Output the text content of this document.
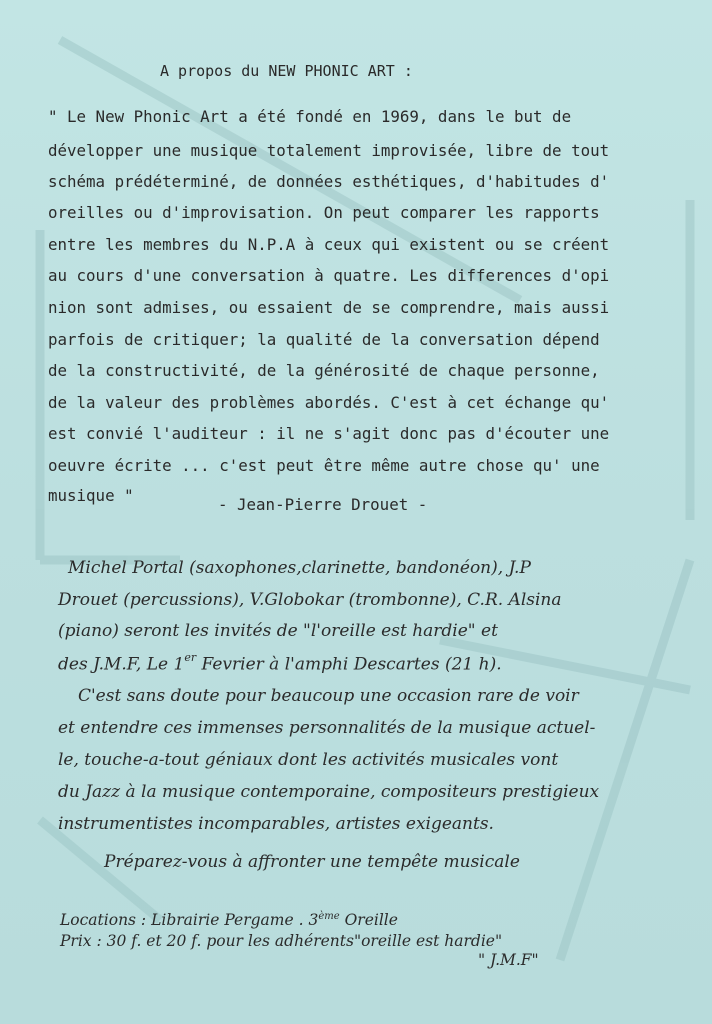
A propos du NEW PHONIC ART :

" Le New Phonic Art a été fondé en 1969, dans le but de
développer une musique totalement improvisée, libre de tout
schéma prédéterminé, de données esthétiques, d'habitudes d'
oreilles ou d'improvisation. On peut comparer les rapports
entre les membres du N.P.A à ceux qui existent ou se créent
au cours d'une conversation à quatre. Les differences d'opi
nion sont admises, ou essaient de se comprendre, mais aussi
parfois de critiquer; la qualité de la conversation dépend
de la constructivité, de la générosité de chaque personne,
de la valeur des problèmes abordés. C'est à cet échange qu'
est convié l'auditeur : il ne s'agit donc pas d'écouter une
oeuvre écrite ... c'est peut être même autre chose qu' une
musique "	- Jean-Pierre Drouet -
Michel Portal (saxophones,clarinette, bandonéon), J.P
Drouet (percussions), V.Globokar (trombonne), C.R. Alsina
(piano) seront les invités de "l'oreille est hardie" et
des J.M.F, Le 1er Fevrier à l'amphi Descartes (21 h).
C'est sans doute pour beaucoup une occasion rare de voir
et entendre ces immenses personnalités de la musique actuel-
le, touche-a-tout géniaux dont les activités musicales vont
du Jazz à la musique contemporaine, compositeurs prestigieux
instrumentistes incomparables, artistes exigeants.
Préparez-vous à affronter une tempête musicale
Locations : Librairie Pergame . 3ème Oreille
Prix : 30 f. et 20 f. pour les adhérents"oreille est hardie"
" J.M.F"
